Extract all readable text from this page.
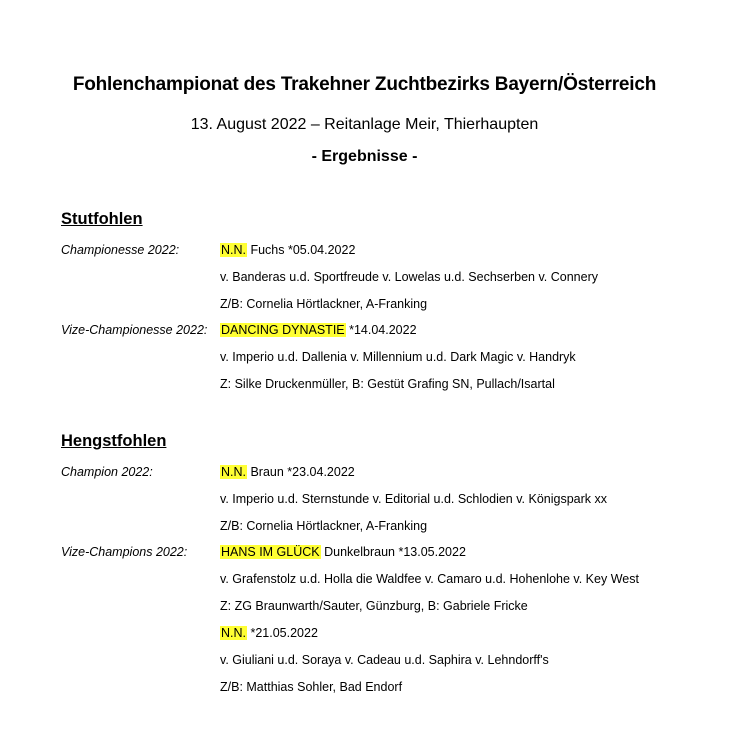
Fohlenchampionat des Trakehner Zuchtbezirks Bayern/Österreich
13. August 2022 – Reitanlage Meir, Thierhaupten
- Ergebnisse -
Stutfohlen
Championesse 2022:	N.N. Fuchs *05.04.2022
v. Banderas u.d. Sportfreude v. Lowelas u.d. Sechserben v. Connery
Z/B: Cornelia Hörtlackner, A-Franking
Vize-Championesse 2022: DANCING DYNASTIE *14.04.2022
v. Imperio u.d. Dallenia v. Millennium u.d. Dark Magic v. Handryk
Z: Silke Druckenmüller, B: Gestüt Grafing SN, Pullach/Isartal
Hengstfohlen
Champion 2022:	N.N. Braun *23.04.2022
v. Imperio u.d. Sternstunde v. Editorial u.d. Schlodien v. Königspark xx
Z/B: Cornelia Hörtlackner, A-Franking
Vize-Champions 2022:	HANS IM GLÜCK Dunkelbraun *13.05.2022
v. Grafenstolz u.d. Holla die Waldfee v. Camaro u.d. Hohenlohe v. Key West
Z: ZG Braunwarth/Sauter, Günzburg, B: Gabriele Fricke
N.N. *21.05.2022
v. Giuliani u.d. Soraya v. Cadeau u.d. Saphira v. Lehndorff's
Z/B: Matthias Sohler, Bad Endorf
